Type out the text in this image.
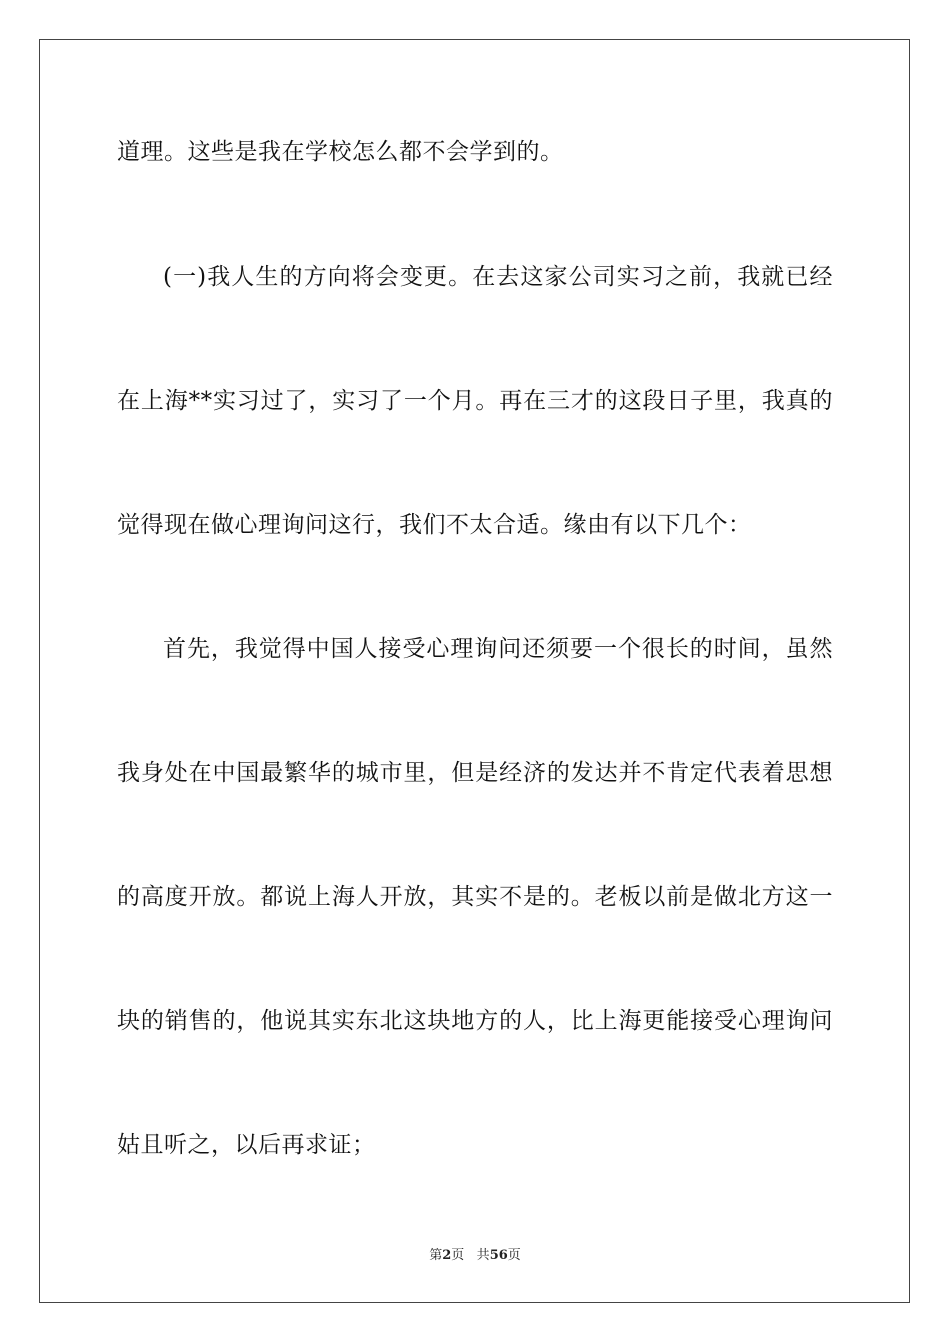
道理。这些是我在学校怎么都不会学到的。
(一)我人生的方向将会变更。在去这家公司实习之前，我就已经
在上海**实习过了，实习了一个月。再在三才的这段日子里，我真的
觉得现在做心理询问这行，我们不太合适。缘由有以下几个：
首先，我觉得中国人接受心理询问还须要一个很长的时间，虽然
我身处在中国最繁华的城市里，但是经济的发达并不肯定代表着思想
的高度开放。都说上海人开放，其实不是的。老板以前是做北方这一
块的销售的，他说其实东北这块地方的人，比上海更能接受心理询问
姑且听之，以后再求证；
第2页 共56页
